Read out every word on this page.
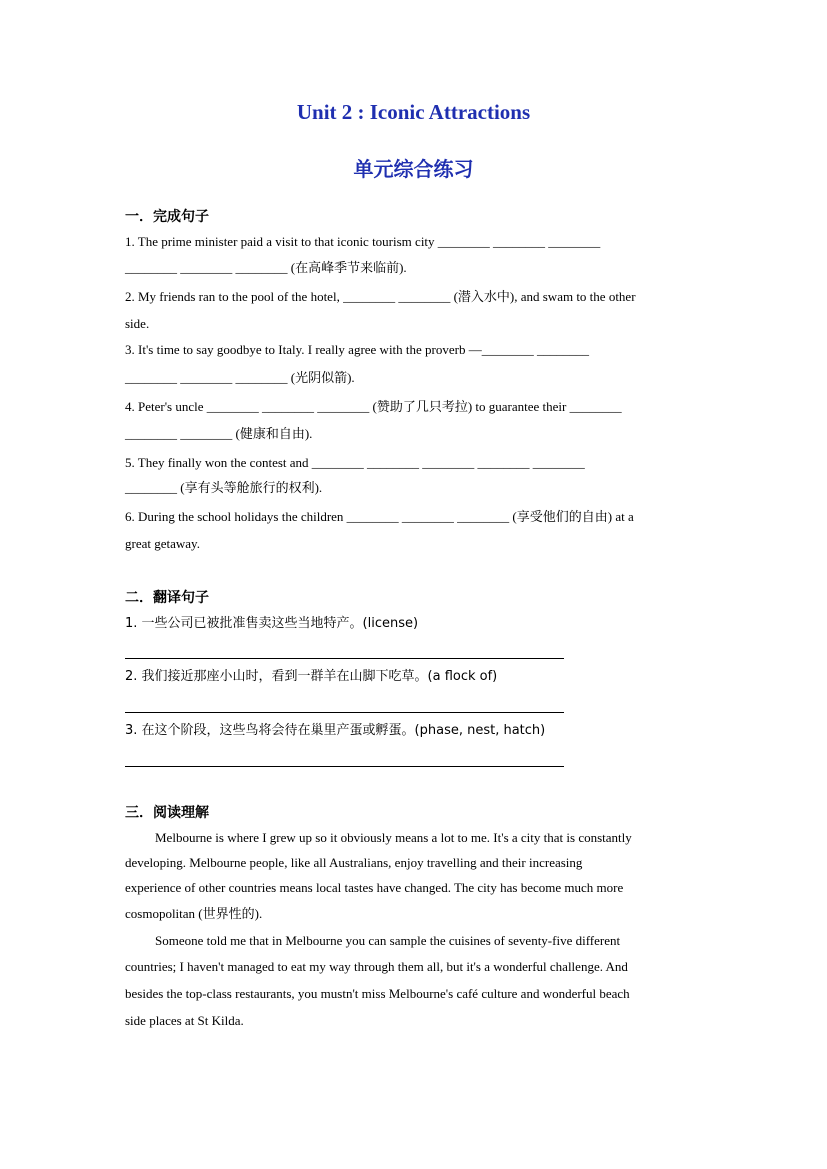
Unit 2 : Iconic Attractions
单元综合练习
一．完成句子
1. The prime minister paid a visit to that iconic tourism city ________ ________ ________
________ ________ ________ (在高峰季节来临前).
2. My friends ran to the pool of the hotel, ________ ________ (潜入水中), and swam to the other
side.
3. It's time to say goodbye to Italy. I really agree with the proverb —________ ________
________ ________ ________ (光阴似箭).
4. Peter's uncle ________ ________ ________ (赞助了几只考拉) to guarantee their ________
________ ________ (健康和自由).
5. They finally won the contest and ________ ________ ________ ________ ________
________ (享有头等舱旅行的权利).
6. During the school holidays the children ________ ________ ________ (享受他们的自由) at a
great getaway.
二．翻译句子
1. 一些公司已被批准售卖这些当地特产。(license)
2. 我们接近那座小山时，看到一群羊在山脚下吃草。(a flock of)
3. 在这个阶段，这些鸟将会待在巢里产蛋或孵蛋。(phase, nest, hatch)
三．阅读理解
Melbourne is where I grew up so it obviously means a lot to me. It's a city that is constantly
developing. Melbourne people, like all Australians, enjoy travelling and their increasing
experience of other countries means local tastes have changed. The city has become much more
cosmopolitan (世界性的).
Someone told me that in Melbourne you can sample the cuisines of seventy-five different
countries; I haven't managed to eat my way through them all, but it's a wonderful challenge. And
besides the top-class restaurants, you mustn't miss Melbourne's café culture and wonderful beach
side places at St Kilda.
